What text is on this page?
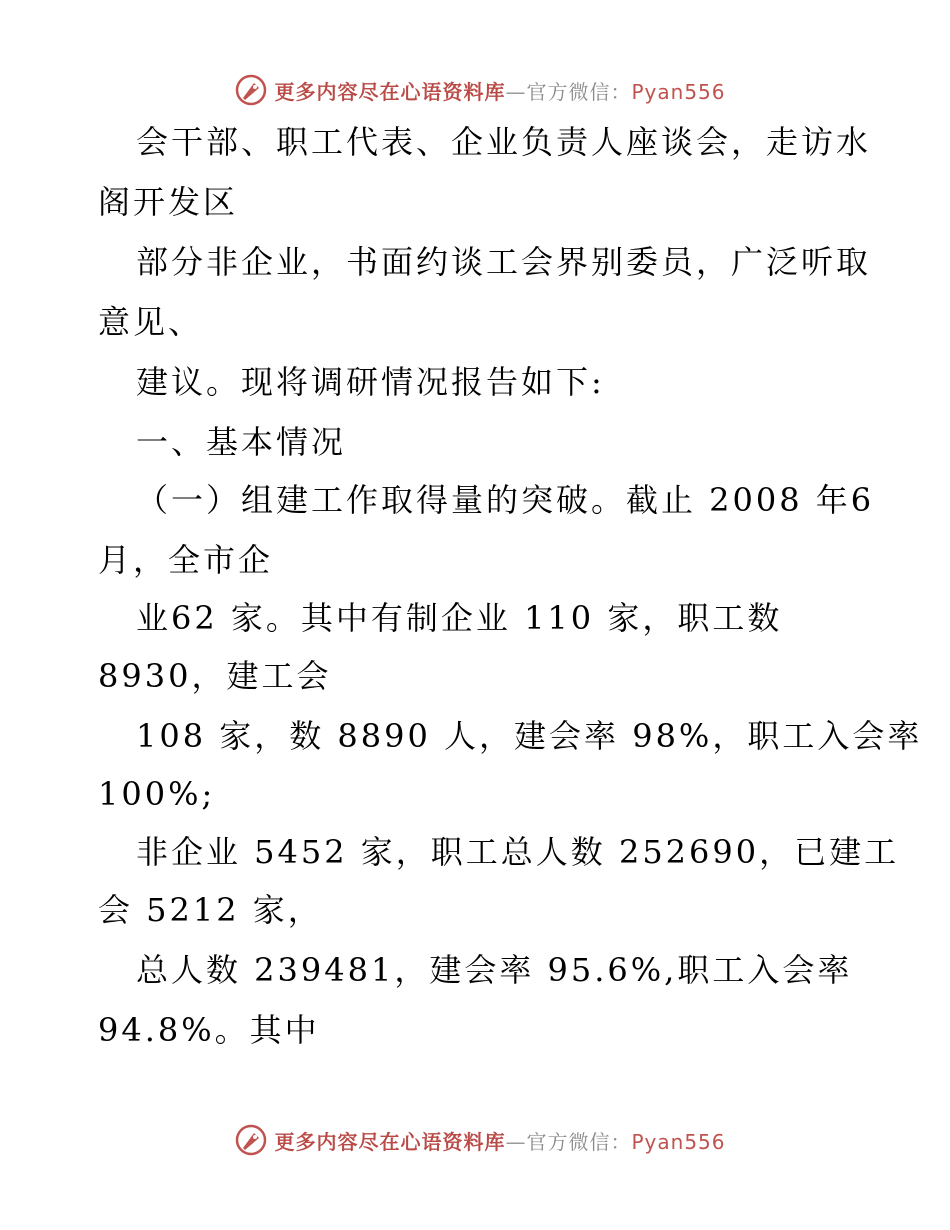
更多内容尽在心语资料库—官方微信：Pyan556
会干部、职工代表、企业负责人座谈会，走访水
阁开发区
部分非企业，书面约谈工会界别委员，广泛听取
意见、
建议。现将调研情况报告如下:
一、基本情况
（一）组建工作取得量的突破。截止 2008 年6
月，全市企
业62 家。其中有制企业 110 家，职工数
8930，建工会
108 家，数 8890 人，建会率 98%，职工入会率
100%;
非企业 5452 家，职工总人数 252690，已建工
会 5212 家，
总人数 239481，建会率 95.6%,职工入会率
94.8%。其中
更多内容尽在心语资料库—官方微信：Pyan556
